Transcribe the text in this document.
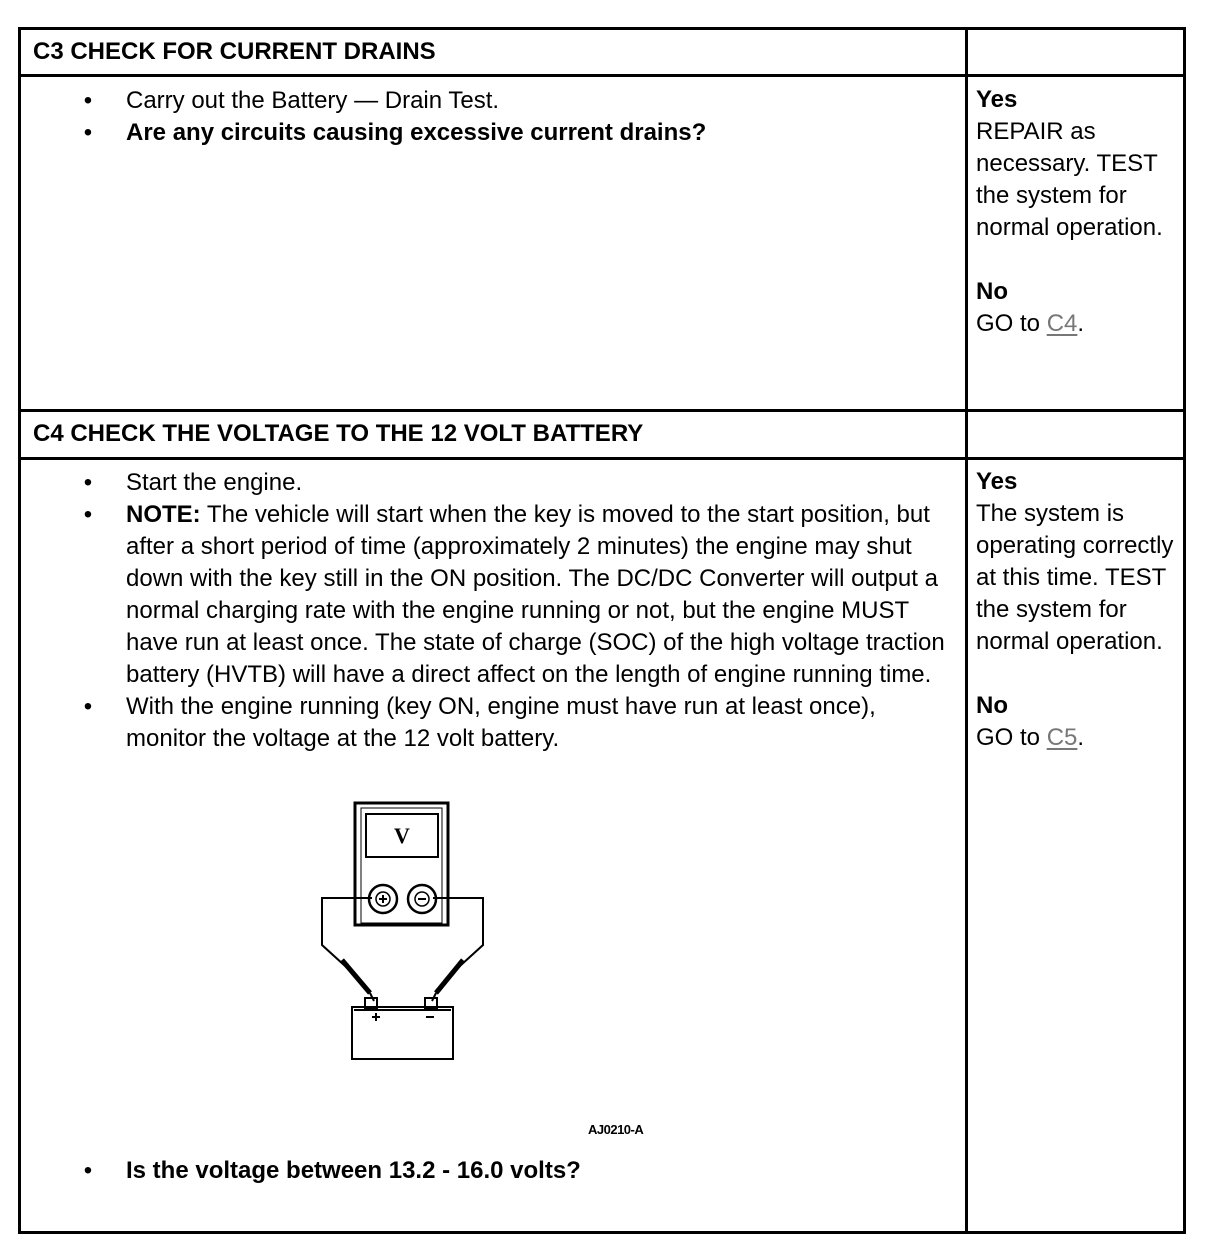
C3 CHECK FOR CURRENT DRAINS
• Carry out the Battery — Drain Test.
• Are any circuits causing excessive current drains?
Yes
REPAIR as necessary. TEST the system for normal operation.
No
GO to C4.
C4 CHECK THE VOLTAGE TO THE 12 VOLT BATTERY
• Start the engine.
• NOTE: The vehicle will start when the key is moved to the start position, but after a short period of time (approximately 2 minutes) the engine may shut down with the key still in the ON position. The DC/DC Converter will output a normal charging rate with the engine running or not, but the engine MUST have run at least once. The state of charge (SOC) of the high voltage traction battery (HVTB) will have a direct affect on the length of engine running time.
• With the engine running (key ON, engine must have run at least once), monitor the voltage at the 12 volt battery.
V
AJ0210-A
• Is the voltage between 13.2 - 16.0 volts?
Yes
The system is operating correctly at this time. TEST the system for normal operation.
No
GO to C5.
